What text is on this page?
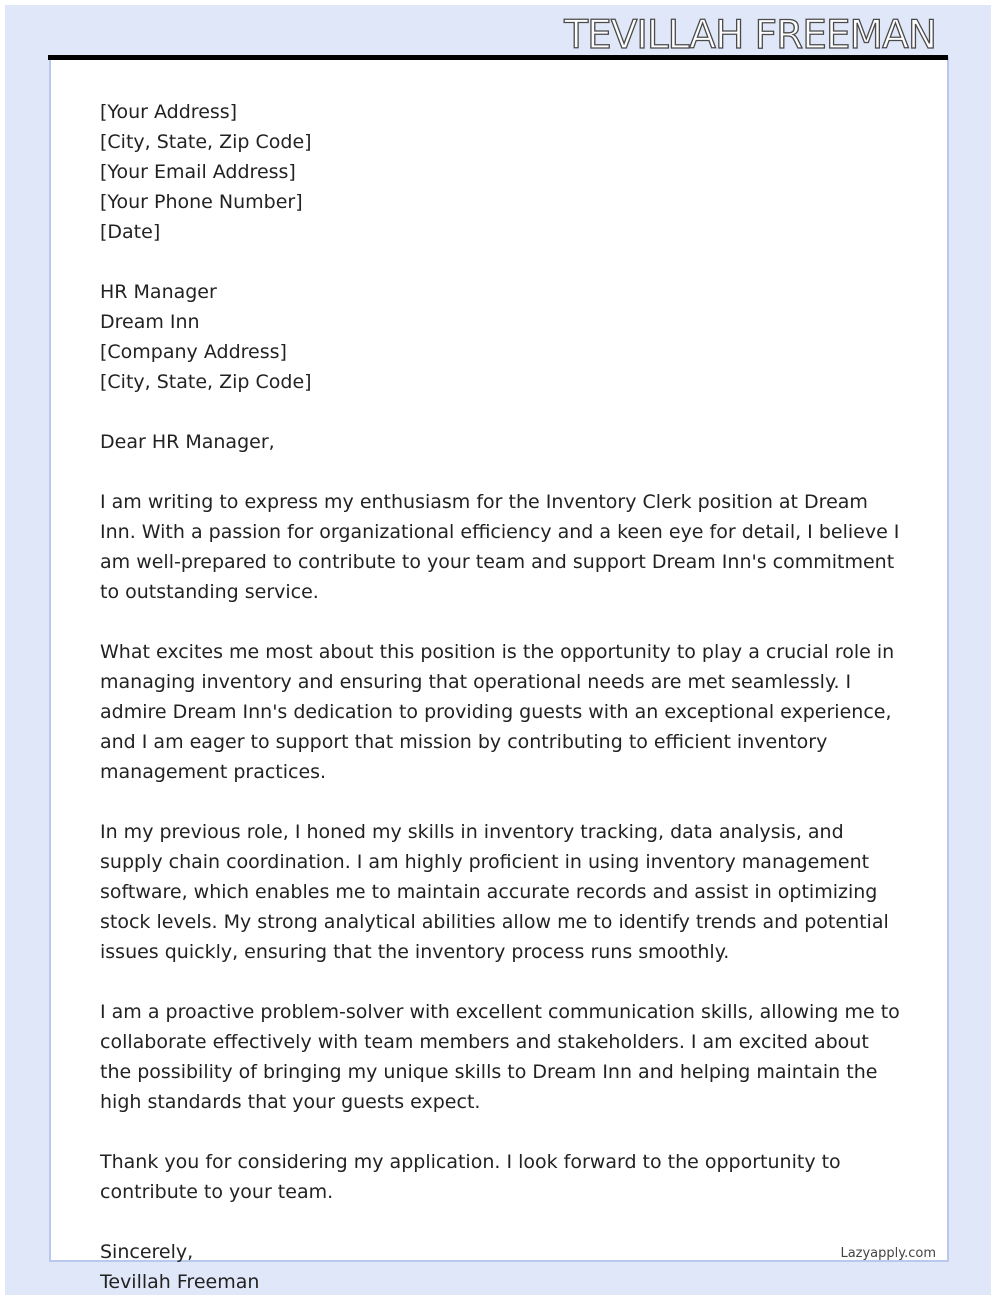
TEVILLAH FREEMAN
[Your Address]
[City, State, Zip Code]
[Your Email Address]
[Your Phone Number]
[Date]
HR Manager
Dream Inn
[Company Address]
[City, State, Zip Code]
Dear HR Manager,
I am writing to express my enthusiasm for the Inventory Clerk position at Dream Inn. With a passion for organizational efficiency and a keen eye for detail, I believe I am well-prepared to contribute to your team and support Dream Inn's commitment to outstanding service.
What excites me most about this position is the opportunity to play a crucial role in managing inventory and ensuring that operational needs are met seamlessly. I admire Dream Inn's dedication to providing guests with an exceptional experience, and I am eager to support that mission by contributing to efficient inventory management practices.
In my previous role, I honed my skills in inventory tracking, data analysis, and supply chain coordination. I am highly proficient in using inventory management software, which enables me to maintain accurate records and assist in optimizing stock levels. My strong analytical abilities allow me to identify trends and potential issues quickly, ensuring that the inventory process runs smoothly.
I am a proactive problem-solver with excellent communication skills, allowing me to collaborate effectively with team members and stakeholders. I am excited about the possibility of bringing my unique skills to Dream Inn and helping maintain the high standards that your guests expect.
Thank you for considering my application. I look forward to the opportunity to contribute to your team.
Sincerely,
Tevillah Freeman
Lazyapply.com
